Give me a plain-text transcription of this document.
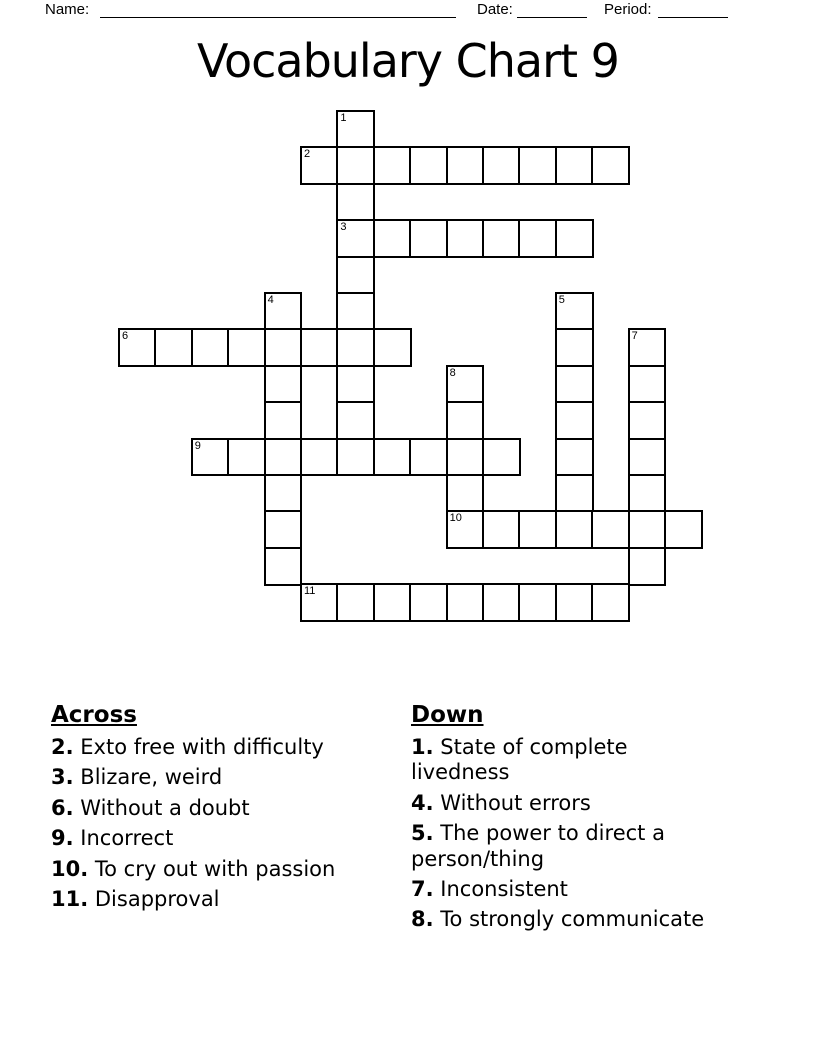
Name:	Date:	Period:
Vocabulary Chart 9
1
2
3
4	5
6	7
8
9
10
11
Across
2. Exto free with difficulty
3. Blizare, weird
6. Without a doubt
9. Incorrect
10. To cry out with passion
11. Disapproval
Down
1. State of complete livedness
4. Without errors
5. The power to direct a person/thing
7. Inconsistent
8. To strongly communicate
